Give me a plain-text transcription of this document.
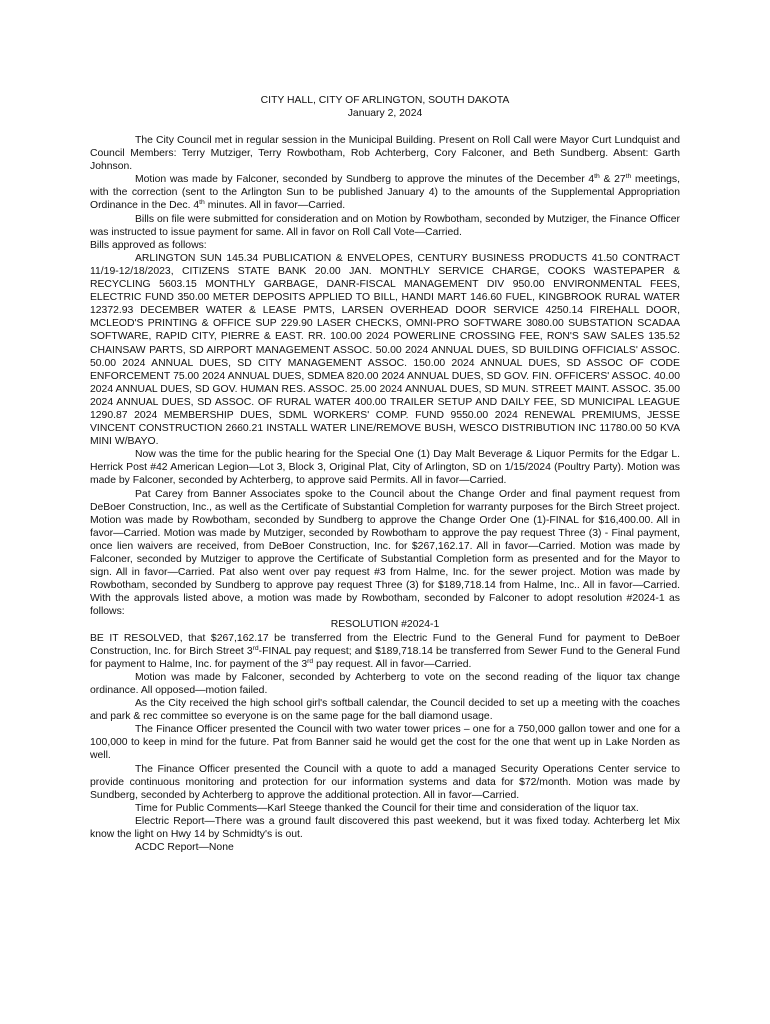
CITY HALL, CITY OF ARLINGTON, SOUTH DAKOTA
January 2, 2024

The City Council met in regular session in the Municipal Building. Present on Roll Call were Mayor Curt Lundquist and Council Members: Terry Mutziger, Terry Rowbotham, Rob Achterberg, Cory Falconer, and Beth Sundberg. Absent: Garth Johnson.

Motion was made by Falconer, seconded by Sundberg to approve the minutes of the December 4th & 27th meetings, with the correction (sent to the Arlington Sun to be published January 4) to the amounts of the Supplemental Appropriation Ordinance in the Dec. 4th minutes. All in favor—Carried.

Bills on file were submitted for consideration and on Motion by Rowbotham, seconded by Mutziger, the Finance Officer was instructed to issue payment for same. All in favor on Roll Call Vote—Carried.

Bills approved as follows:

ARLINGTON SUN 145.34 PUBLICATION & ENVELOPES, CENTURY BUSINESS PRODUCTS 41.50 CONTRACT 11/19-12/18/2023, CITIZENS STATE BANK 20.00 JAN. MONTHLY SERVICE CHARGE, COOKS WASTEPAPER & RECYCLING 5603.15 MONTHLY GARBAGE, DANR-FISCAL MANAGEMENT DIV 950.00 ENVIRONMENTAL FEES, ELECTRIC FUND 350.00 METER DEPOSITS APPLIED TO BILL, HANDI MART 146.60 FUEL, KINGBROOK RURAL WATER 12372.93 DECEMBER WATER & LEASE PMTS, LARSEN OVERHEAD DOOR SERVICE 4250.14 FIREHALL DOOR, MCLEOD'S PRINTING & OFFICE SUP 229.90 LASER CHECKS, OMNI-PRO SOFTWARE 3080.00 SUBSTATION SCADAA SOFTWARE, RAPID CITY, PIERRE & EAST. RR. 100.00 2024 POWERLINE CROSSING FEE, RON'S SAW SALES 135.52 CHAINSAW PARTS, SD AIRPORT MANAGEMENT ASSOC. 50.00 2024 ANNUAL DUES, SD BUILDING OFFICIALS' ASSOC. 50.00 2024 ANNUAL DUES, SD CITY MANAGEMENT ASSOC. 150.00 2024 ANNUAL DUES, SD ASSOC OF CODE ENFORCEMENT 75.00 2024 ANNUAL DUES, SDMEA 820.00 2024 ANNUAL DUES, SD GOV. FIN. OFFICERS' ASSOC. 40.00 2024 ANNUAL DUES, SD GOV. HUMAN RES. ASSOC. 25.00 2024 ANNUAL DUES, SD MUN. STREET MAINT. ASSOC. 35.00 2024 ANNUAL DUES, SD ASSOC. OF RURAL WATER 400.00 TRAILER SETUP AND DAILY FEE, SD MUNICIPAL LEAGUE 1290.87 2024 MEMBERSHIP DUES, SDML WORKERS' COMP. FUND 9550.00 2024 RENEWAL PREMIUMS, JESSE VINCENT CONSTRUCTION 2660.21 INSTALL WATER LINE/REMOVE BUSH, WESCO DISTRIBUTION INC 11780.00 50 KVA MINI W/BAYO.

Now was the time for the public hearing for the Special One (1) Day Malt Beverage & Liquor Permits for the Edgar L. Herrick Post #42 American Legion—Lot 3, Block 3, Original Plat, City of Arlington, SD on 1/15/2024 (Poultry Party). Motion was made by Falconer, seconded by Achterberg, to approve said Permits. All in favor—Carried.

Pat Carey from Banner Associates spoke to the Council about the Change Order and final payment request from DeBoer Construction, Inc., as well as the Certificate of Substantial Completion for warranty purposes for the Birch Street project. Motion was made by Rowbotham, seconded by Sundberg to approve the Change Order One (1)-FINAL for $16,400.00. All in favor—Carried. Motion was made by Mutziger, seconded by Rowbotham to approve the pay request Three (3) - Final payment, once lien waivers are received, from DeBoer Construction, Inc. for $267,162.17. All in favor—Carried. Motion was made by Falconer, seconded by Mutziger to approve the Certificate of Substantial Completion form as presented and for the Mayor to sign. All in favor—Carried. Pat also went over pay request #3 from Halme, Inc. for the sewer project. Motion was made by Rowbotham, seconded by Sundberg to approve pay request Three (3) for $189,718.14 from Halme, Inc.. All in favor—Carried. With the approvals listed above, a motion was made by Rowbotham, seconded by Falconer to adopt resolution #2024-1 as follows:

RESOLUTION #2024-1

BE IT RESOLVED, that $267,162.17 be transferred from the Electric Fund to the General Fund for payment to DeBoer Construction, Inc. for Birch Street 3rd-FINAL pay request; and $189,718.14 be transferred from Sewer Fund to the General Fund for payment to Halme, Inc. for payment of the 3rd pay request. All in favor—Carried.

Motion was made by Falconer, seconded by Achterberg to vote on the second reading of the liquor tax change ordinance. All opposed—motion failed.

As the City received the high school girl's softball calendar, the Council decided to set up a meeting with the coaches and park & rec committee so everyone is on the same page for the ball diamond usage.

The Finance Officer presented the Council with two water tower prices – one for a 750,000 gallon tower and one for a 100,000 to keep in mind for the future. Pat from Banner said he would get the cost for the one that went up in Lake Norden as well.

The Finance Officer presented the Council with a quote to add a managed Security Operations Center service to provide continuous monitoring and protection for our information systems and data for $72/month. Motion was made by Sundberg, seconded by Achterberg to approve the additional protection. All in favor—Carried.

Time for Public Comments—Karl Steege thanked the Council for their time and consideration of the liquor tax.

Electric Report—There was a ground fault discovered this past weekend, but it was fixed today. Achterberg let Mix know the light on Hwy 14 by Schmidty's is out.

ACDC Report—None
